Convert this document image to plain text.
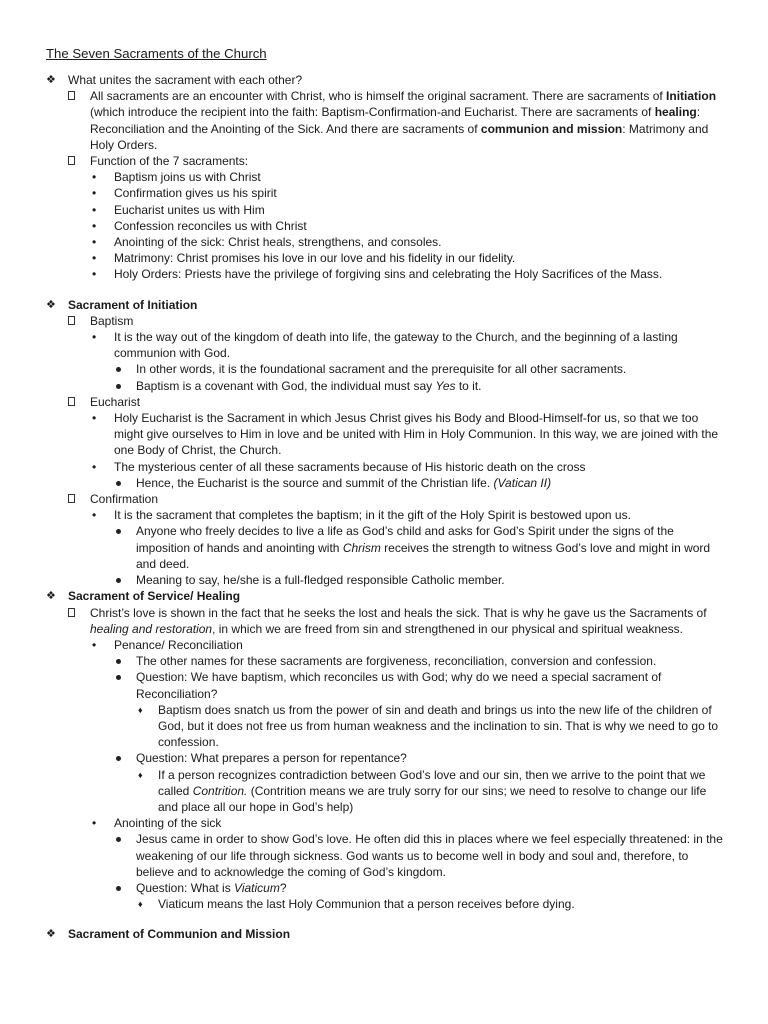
The Seven Sacraments of the Church
❖ What unites the sacrament with each other?
All sacraments are an encounter with Christ, who is himself the original sacrament. There are sacraments of Initiation (which introduce the recipient into the faith: Baptism-Confirmation-and Eucharist. There are sacraments of healing: Reconciliation and the Anointing of the Sick. And there are sacraments of communion and mission: Matrimony and Holy Orders.
Function of the 7 sacraments:
• Baptism joins us with Christ
• Confirmation gives us his spirit
• Eucharist unites us with Him
• Confession reconciles us with Christ
• Anointing of the sick: Christ heals, strengthens, and consoles.
• Matrimony: Christ promises his love in our love and his fidelity in our fidelity.
• Holy Orders: Priests have the privilege of forgiving sins and celebrating the Holy Sacrifices of the Mass.
❖ Sacrament of Initiation
Baptism
• It is the way out of the kingdom of death into life, the gateway to the Church, and the beginning of a lasting communion with God.
In other words, it is the foundational sacrament and the prerequisite for all other sacraments.
Baptism is a covenant with God, the individual must say Yes to it.
Eucharist
• Holy Eucharist is the Sacrament in which Jesus Christ gives his Body and Blood-Himself-for us, so that we too might give ourselves to Him in love and be united with Him in Holy Communion. In this way, we are joined with the one Body of Christ, the Church.
• The mysterious center of all these sacraments because of His historic death on the cross
Hence, the Eucharist is the source and summit of the Christian life. (Vatican II)
Confirmation
• It is the sacrament that completes the baptism; in it the gift of the Holy Spirit is bestowed upon us.
Anyone who freely decides to live a life as God’s child and asks for God’s Spirit under the signs of the imposition of hands and anointing with Chrism receives the strength to witness God’s love and might in word and deed.
Meaning to say, he/she is a full-fledged responsible Catholic member.
❖ Sacrament of Service/ Healing
Christ’s love is shown in the fact that he seeks the lost and heals the sick. That is why he gave us the Sacraments of healing and restoration, in which we are freed from sin and strengthened in our physical and spiritual weakness.
• Penance/ Reconciliation
The other names for these sacraments are forgiveness, reconciliation, conversion and confession.
Question: We have baptism, which reconciles us with God; why do we need a special sacrament of Reconciliation?
♦ Baptism does snatch us from the power of sin and death and brings us into the new life of the children of God, but it does not free us from human weakness and the inclination to sin. That is why we need to go to confession.
Question: What prepares a person for repentance?
♦ If a person recognizes contradiction between God’s love and our sin, then we arrive to the point that we called Contrition. (Contrition means we are truly sorry for our sins; we need to resolve to change our life and place all our hope in God’s help)
• Anointing of the sick
Jesus came in order to show God’s love. He often did this in places where we feel especially threatened: in the weakening of our life through sickness. God wants us to become well in body and soul and, therefore, to believe and to acknowledge the coming of God’s kingdom.
Question: What is Viaticum?
♦ Viaticum means the last Holy Communion that a person receives before dying.
❖ Sacrament of Communion and Mission
